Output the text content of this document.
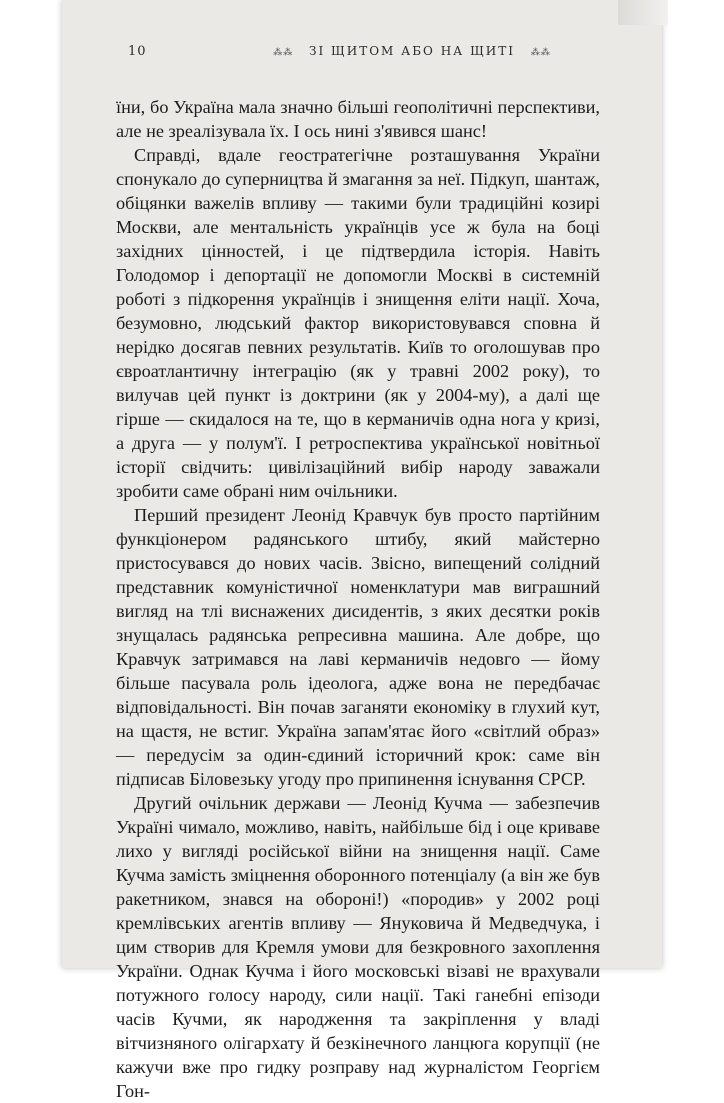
10	⁂⁂ ЗІ ЩИТОМ АБО НА ЩИТІ ⁂⁂

їни, бо Україна мала значно більші геополітичні перспективи, але не зреалізувала їх. І ось нині з'явився шанс!

Справді, вдале геостратегічне розташування України спонукало до суперництва й змагання за неї. Підкуп, шантаж, обіцянки важелів впливу — такими були традиційні козирі Москви, але ментальність українців усе ж була на боці західних цінностей, і це підтвердила історія. Навіть Голодомор і депортації не допомогли Москві в системній роботі з підкорення українців і знищення еліти нації. Хоча, безумовно, людський фактор використовувався сповна й нерідко досягав певних результатів. Київ то оголошував про євроатлантичну інтеграцію (як у травні 2002 року), то вилучав цей пункт із доктрини (як у 2004-му), а далі ще гірше — скидалося на те, що в керманичів одна нога у кризі, а друга — у полум'ї. І ретроспектива української новітньої історії свідчить: цивілізаційний вибір народу заважали зробити саме обрані ним очільники.

Перший президент Леонід Кравчук був просто партійним функціонером радянського штибу, який майстерно пристосувався до нових часів. Звісно, випещений солідний представник комуністичної номенклатури мав виграшний вигляд на тлі виснажених дисидентів, з яких десятки років знущалась радянська репресивна машина. Але добре, що Кравчук затримався на лаві керманичів недовго — йому більше пасувала роль ідеолога, адже вона не передбачає відповідальності. Він почав заганяти економіку в глухий кут, на щастя, не встиг. Україна запам'ятає його «світлий образ» — передусім за один-єдиний історичний крок: саме він підписав Біловезьку угоду про припинення існування СРСР.

Другий очільник держави — Леонід Кучма — забезпечив Україні чимало, можливо, навіть, найбільше бід і оце криваве лихо у вигляді російської війни на знищення нації. Саме Кучма замість зміцнення оборонного потенціалу (а він же був ракетником, знався на обороні!) «породив» у 2002 році кремлівських агентів впливу — Януковича й Медведчука, і цим створив для Кремля умови для безкровного захоплення України. Однак Кучма і його московські візаві не врахували потужного голосу народу, сили нації. Такі ганебні епізоди часів Кучми, як народження та закріплення у владі вітчизняного олігархату й безкінечного ланцюга корупції (не кажучи вже про гидку розправу над журналістом Георгієм Гон-
